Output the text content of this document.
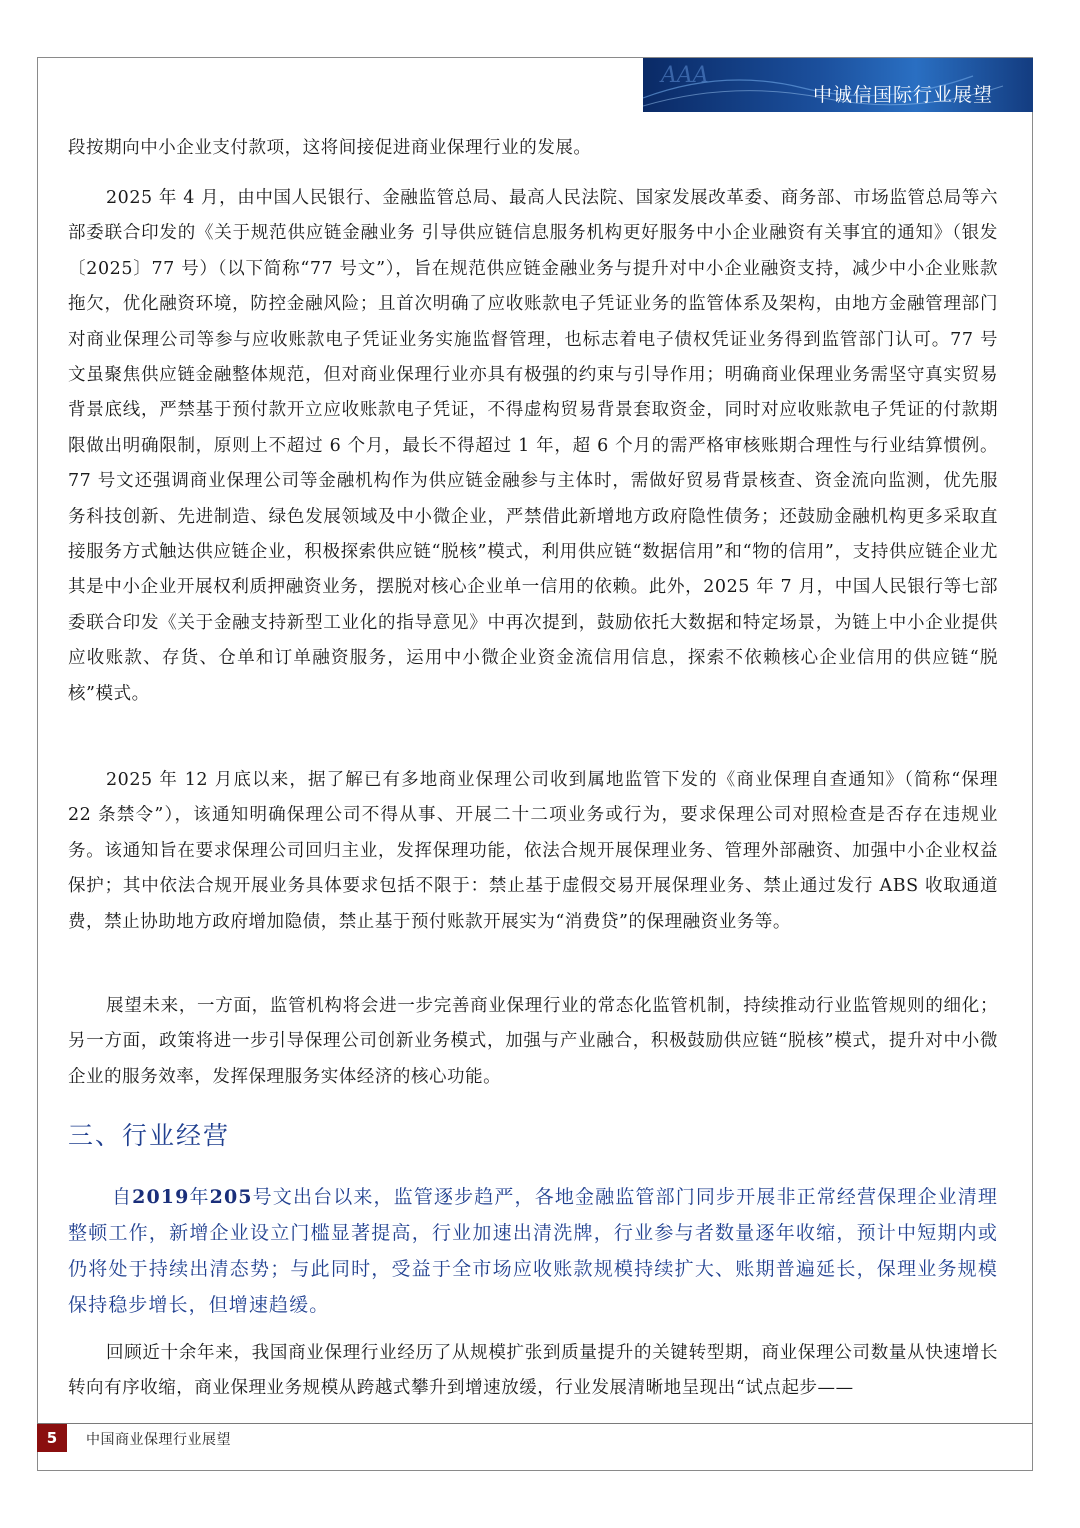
AAA
中诚信国际行业展望

段按期向中小企业支付款项，这将间接促进商业保理行业的发展。

2025 年 4 月，由中国人民银行、金融监管总局、最高人民法院、国家发展改革委、商务部、市场监管总局等六部委联合印发的《关于规范供应链金融业务 引导供应链信息服务机构更好服务中小企业融资有关事宜的通知》（银发〔2025〕77 号）（以下简称“77 号文”），旨在规范供应链金融业务与提升对中小企业融资支持，减少中小企业账款拖欠，优化融资环境，防控金融风险；且首次明确了应收账款电子凭证业务的监管体系及架构，由地方金融管理部门对商业保理公司等参与应收账款电子凭证业务实施监督管理，也标志着电子债权凭证业务得到监管部门认可。77 号文虽聚焦供应链金融整体规范，但对商业保理行业亦具有极强的约束与引导作用；明确商业保理业务需坚守真实贸易背景底线，严禁基于预付款开立应收账款电子凭证，不得虚构贸易背景套取资金，同时对应收账款电子凭证的付款期限做出明确限制，原则上不超过 6 个月，最长不得超过 1 年，超 6 个月的需严格审核账期合理性与行业结算惯例。77 号文还强调商业保理公司等金融机构作为供应链金融参与主体时，需做好贸易背景核查、资金流向监测，优先服务科技创新、先进制造、绿色发展领域及中小微企业，严禁借此新增地方政府隐性债务；还鼓励金融机构更多采取直接服务方式触达供应链企业，积极探索供应链“脱核”模式，利用供应链“数据信用”和“物的信用”，支持供应链企业尤其是中小企业开展权利质押融资业务，摆脱对核心企业单一信用的依赖。此外，2025 年 7 月，中国人民银行等七部委联合印发《关于金融支持新型工业化的指导意见》中再次提到，鼓励依托大数据和特定场景，为链上中小企业提供应收账款、存货、仓单和订单融资服务，运用中小微企业资金流信用信息，探索不依赖核心企业信用的供应链“脱核”模式。

2025 年 12 月底以来，据了解已有多地商业保理公司收到属地监管下发的《商业保理自查通知》（简称“保理 22 条禁令”），该通知明确保理公司不得从事、开展二十二项业务或行为，要求保理公司对照检查是否存在违规业务。该通知旨在要求保理公司回归主业，发挥保理功能，依法合规开展保理业务、管理外部融资、加强中小企业权益保护；其中依法合规开展业务具体要求包括不限于：禁止基于虚假交易开展保理业务、禁止通过发行 ABS 收取通道费，禁止协助地方政府增加隐债，禁止基于预付账款开展实为“消费贷”的保理融资业务等。

展望未来，一方面，监管机构将会进一步完善商业保理行业的常态化监管机制，持续推动行业监管规则的细化；另一方面，政策将进一步引导保理公司创新业务模式，加强与产业融合，积极鼓励供应链“脱核”模式，提升对中小微企业的服务效率，发挥保理服务实体经济的核心功能。

三、行业经营
自2019年205号文出台以来，监管逐步趋严，各地金融监管部门同步开展非正常经营保理企业清理整顿工作，新增企业设立门槛显著提高，行业加速出清洗牌，行业参与者数量逐年收缩，预计中短期内或仍将处于持续出清态势；与此同时，受益于全市场应收账款规模持续扩大、账期普遍延长，保理业务规模保持稳步增长，但增速趋缓。

回顾近十余年来，我国商业保理行业经历了从规模扩张到质量提升的关键转型期，商业保理公司数量从快速增长转向有序收缩，商业保理业务规模从跨越式攀升到增速放缓，行业发展清晰地呈现出“试点起步——

5	中国商业保理行业展望
